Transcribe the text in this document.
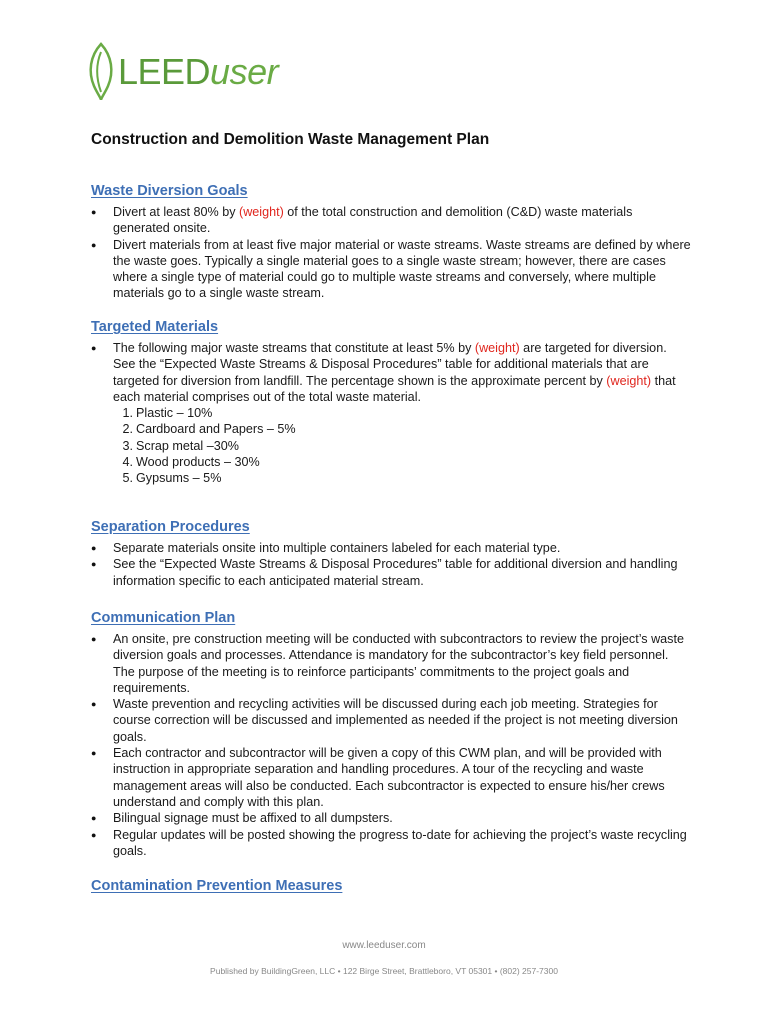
LEEDuser
Construction and Demolition Waste Management Plan
Waste Diversion Goals
● Divert at least 80% by (weight) of the total construction and demolition (C&D) waste materials generated onsite.
● Divert materials from at least five major material or waste streams. Waste streams are defined by where the waste goes. Typically a single material goes to a single waste stream; however, there are cases where a single type of material could go to multiple waste streams and conversely, where multiple materials go to a single waste stream.
Targeted Materials
● The following major waste streams that constitute at least 5% by (weight) are targeted for diversion. See the “Expected Waste Streams & Disposal Procedures” table for additional materials that are targeted for diversion from landfill. The percentage shown is the approximate percent by (weight) that each material comprises out of the total waste material.
1. Plastic – 10%
2. Cardboard and Papers – 5%
3. Scrap metal –30%
4. Wood products – 30%
5. Gypsums – 5%
Separation Procedures
● Separate materials onsite into multiple containers labeled for each material type.
● See the “Expected Waste Streams & Disposal Procedures” table for additional diversion and handling information specific to each anticipated material stream.
Communication Plan
● An onsite, pre construction meeting will be conducted with subcontractors to review the project’s waste diversion goals and processes. Attendance is mandatory for the subcontractor’s key field personnel. The purpose of the meeting is to reinforce participants’ commitments to the project goals and requirements.
● Waste prevention and recycling activities will be discussed during each job meeting. Strategies for course correction will be discussed and implemented as needed if the project is not meeting diversion goals.
● Each contractor and subcontractor will be given a copy of this CWM plan, and will be provided with instruction in appropriate separation and handling procedures. A tour of the recycling and waste management areas will also be conducted. Each subcontractor is expected to ensure his/her crews understand and comply with this plan.
● Bilingual signage must be affixed to all dumpsters.
● Regular updates will be posted showing the progress to-date for achieving the project’s waste recycling goals.
Contamination Prevention Measures
www.leeduser.com
Published by BuildingGreen, LLC • 122 Birge Street, Brattleboro, VT 05301 • (802) 257-7300
